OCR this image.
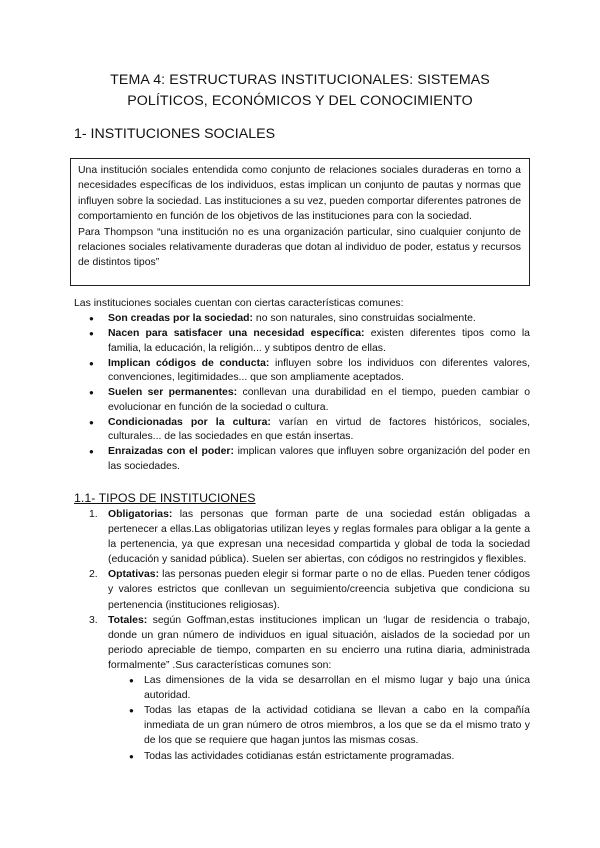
TEMA 4: ESTRUCTURAS INSTITUCIONALES: SISTEMAS
POLÍTICOS, ECONÓMICOS Y DEL CONOCIMIENTO
1- INSTITUCIONES SOCIALES

Una institución sociales entendida como conjunto de relaciones sociales duraderas en torno a necesidades específicas de los individuos, estas implican un conjunto de pautas y normas que influyen sobre la sociedad. Las instituciones a su vez, pueden comportar diferentes patrones de comportamiento en función de los objetivos de las instituciones para con la sociedad.

Para Thompson “una institución no es una organización particular, sino cualquier conjunto de relaciones sociales relativamente duraderas que dotan al individuo de poder, estatus y recursos de distintos tipos”

Las instituciones sociales cuentan con ciertas características comunes:
● Son creadas por la sociedad: no son naturales, sino construidas socialmente.
● Nacen para satisfacer una necesidad específica: existen diferentes tipos como la familia, la educación, la religión... y subtipos dentro de ellas.
● Implican códigos de conducta: influyen sobre los individuos con diferentes valores, convenciones, legitimidades... que son ampliamente aceptados.
● Suelen ser permanentes: conllevan una durabilidad en el tiempo, pueden cambiar o evolucionar en función de la sociedad o cultura.
● Condicionadas por la cultura: varían en virtud de factores históricos, sociales, culturales... de las sociedades en que están insertas.
● Enraizadas con el poder: implican valores que influyen sobre organización del poder en las sociedades.
1.1- TIPOS DE INSTITUCIONES
1. Obligatorias: las personas que forman parte de una sociedad están obligadas a pertenecer a ellas.Las obligatorias utilizan leyes y reglas formales para obligar a la gente a la pertenencia, ya que expresan una necesidad compartida y global de toda la sociedad (educación y sanidad pública). Suelen ser abiertas, con códigos no restringidos y flexibles.
2. Optativas: las personas pueden elegir si formar parte o no de ellas. Pueden tener códigos y valores estrictos que conllevan un seguimiento/creencia subjetiva que condiciona su pertenencia (instituciones religiosas).
3. Totales: según Goffman,estas instituciones implican un ‘lugar de residencia o trabajo, donde un gran número de individuos en igual situación, aislados de la sociedad por un periodo apreciable de tiempo, comparten en su encierro una rutina diaria, administrada formalmente” .Sus características comunes son:
● Las dimensiones de la vida se desarrollan en el mismo lugar y bajo una única autoridad.
● Todas las etapas de la actividad cotidiana se llevan a cabo en la compañía inmediata de un gran número de otros miembros, a los que se da el mismo trato y de los que se requiere que hagan juntos las mismas cosas.
● Todas las actividades cotidianas están estrictamente programadas.
